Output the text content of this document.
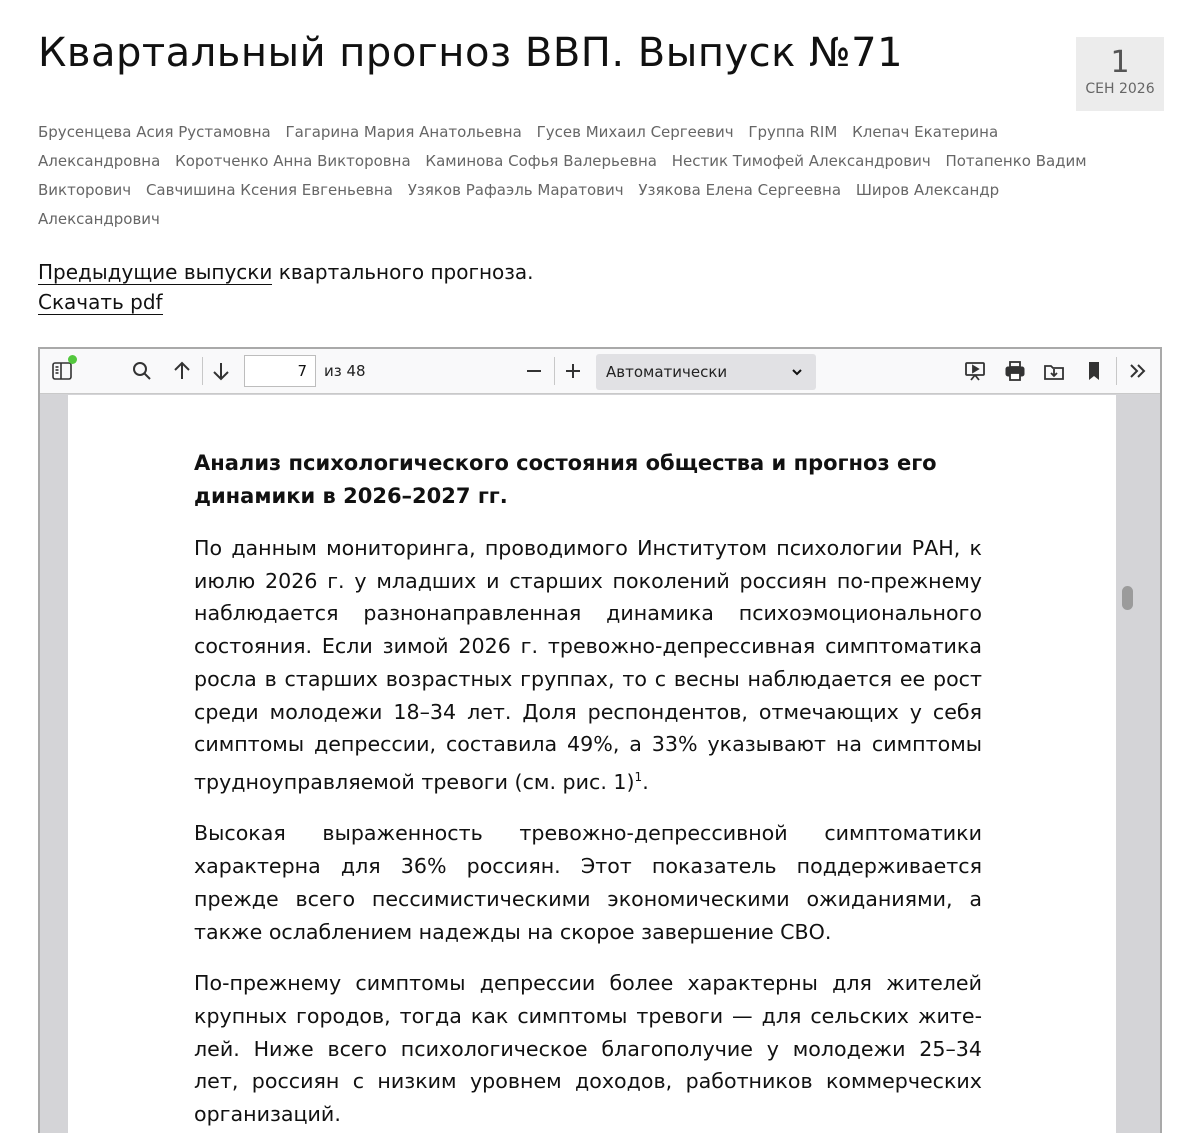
Квартальный прогноз ВВП. Выпуск №71	1
СЕН 2026
Брусенцева Асия Рустамовна Гагарина Мария Анатольевна Гусев Михаил Сергеевич Группа RIM Клепач Екатерина Александровна Коротченко Анна Викторовна Каминова Софья Валерьевна Нестик Тимофей Александрович Потапенко Вадим Викторович Савчишина Ксения Евгеньевна Узяков Рафаэль Маратович Узякова Елена Сергеевна Широв Александр Александрович
Предыдущие выпуски квартального прогноза.
Скачать pdf
7
из 48	Автоматически

Анализ психологического состояния общества и прогноз его динамики в 2026–2027 гг.

По данным мониторинга, проводимого Институтом психологии РАН, к июлю 2026 г. у младших и старших поколений россиян по-прежнему наблюдается разнонаправленная динамика психоэмоционального состояния. Если зимой 2026 г. тревожно-депрессивная симптоматика росла в старших возрастных группах, то с весны наблюдается ее рост среди молодежи 18–34 лет. Доля респондентов, отмечающих у себя симптомы депрессии, составила 49%, а 33% указывают на симптомы трудноуправляемой тревоги (см. рис. 1)$^1$.

Высокая выраженность тревожно-депрессивной симптоматики характерна для 36% россиян. Этот показатель поддерживается прежде всего пессимистическими экономическими ожиданиями, а также ослаблением надежды на скорое завершение СВО.

По-прежнему симптомы депрессии более характерны для жителей крупных городов, тогда как симптомы тревоги — для сельских жителей. Ниже всего психологическое благополучие у молодежи 25–34 лет, россиян с низким уровнем доходов, работников коммерческих организаций.
